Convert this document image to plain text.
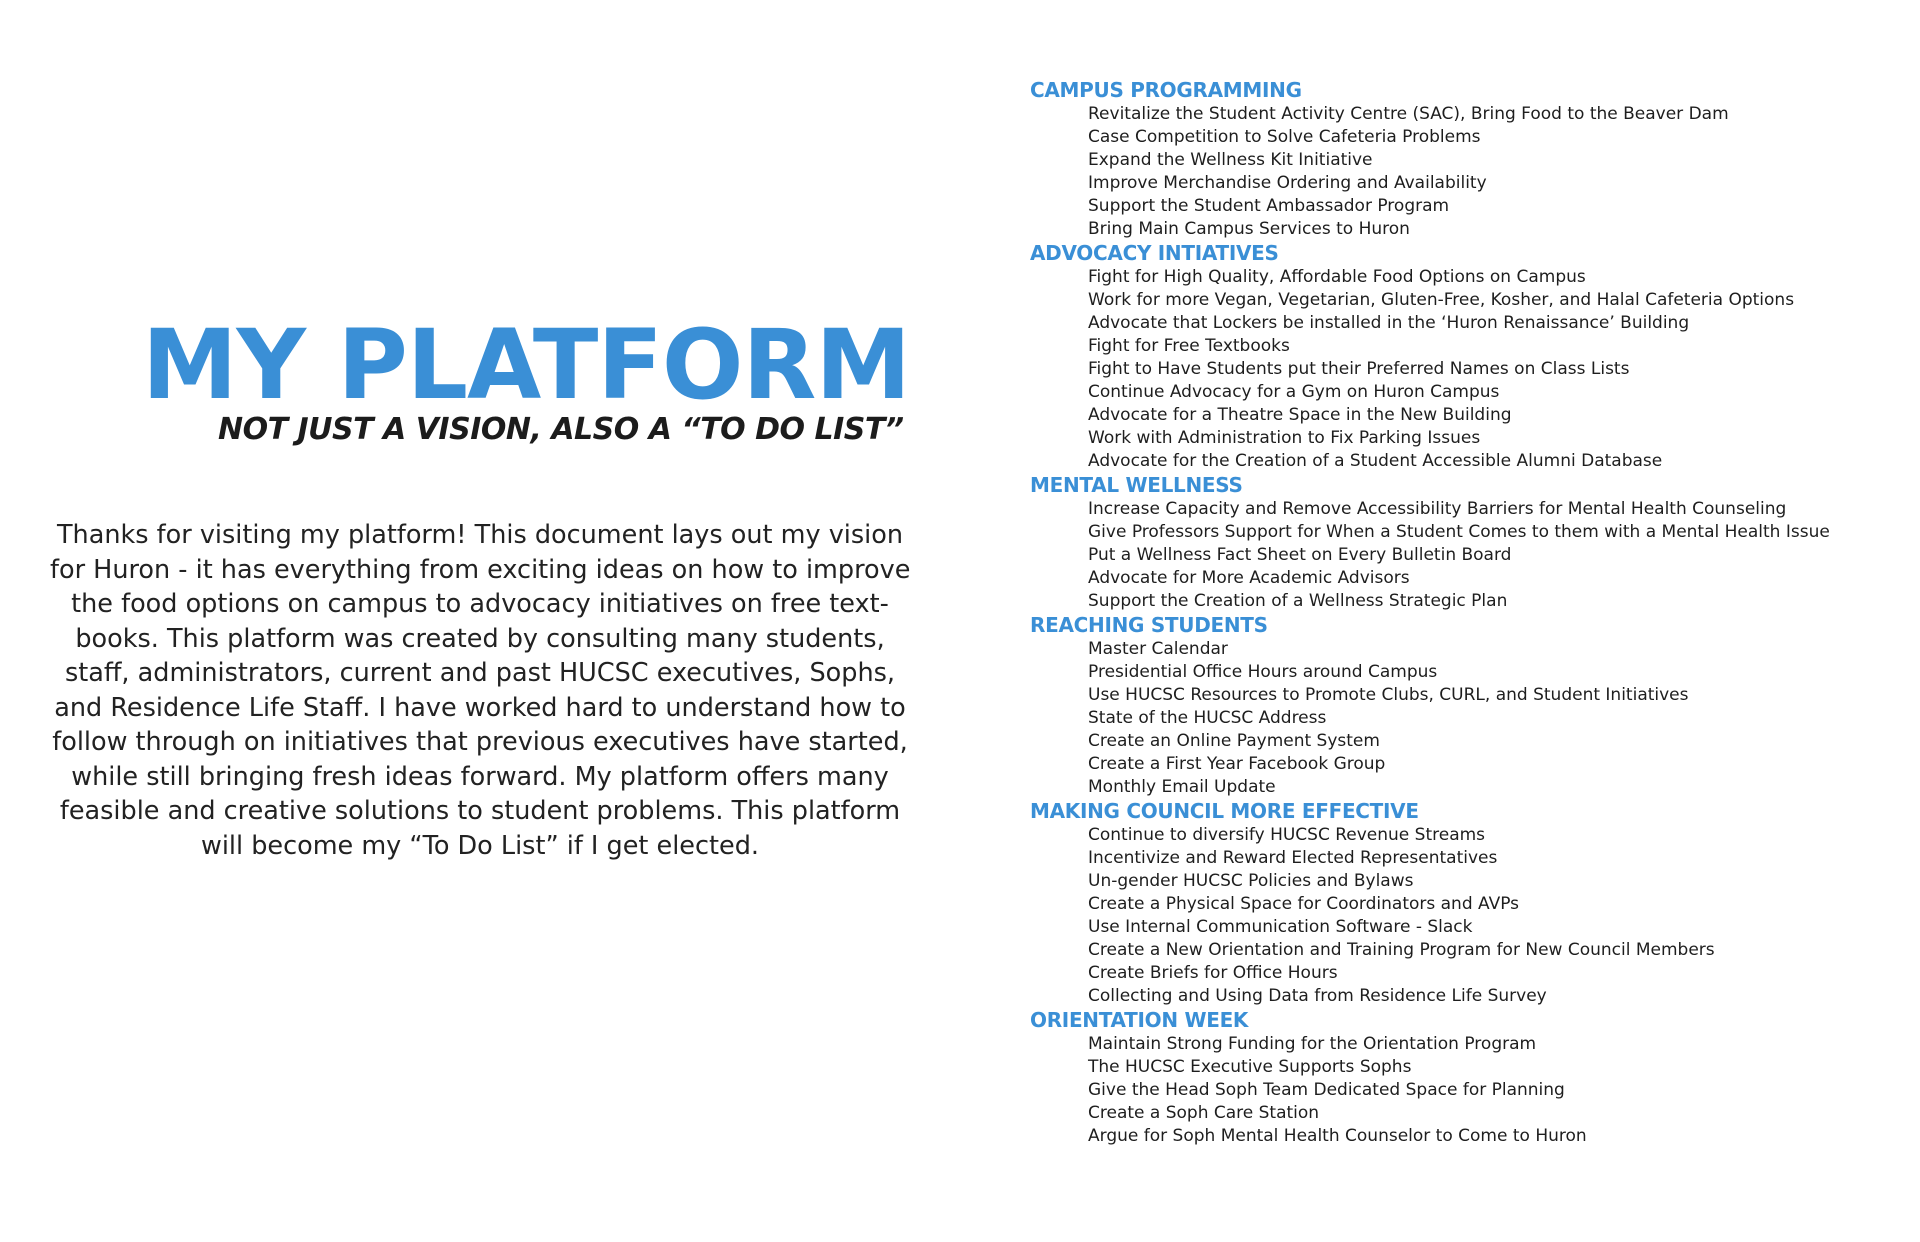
MY PLATFORM
NOT JUST A VISION, ALSO A “TO DO LIST”
Thanks for visiting my platform! This document lays out my vision
for Huron - it has everything from exciting ideas on how to improve
the food options on campus to advocacy initiatives on free text-
books. This platform was created by consulting many students,
staff, administrators, current and past HUCSC executives, Sophs,
and Residence Life Staff. I have worked hard to understand how to
follow through on initiatives that previous executives have started,
while still bringing fresh ideas forward. My platform offers many
feasible and creative solutions to student problems. This platform
will become my “To Do List” if I get elected.
CAMPUS PROGRAMMING
Revitalize the Student Activity Centre (SAC), Bring Food to the Beaver Dam
Case Competition to Solve Cafeteria Problems
Expand the Wellness Kit Initiative
Improve Merchandise Ordering and Availability
Support the Student Ambassador Program
Bring Main Campus Services to Huron
ADVOCACY INTIATIVES
Fight for High Quality, Affordable Food Options on Campus
Work for more Vegan, Vegetarian, Gluten-Free, Kosher, and Halal Cafeteria Options
Advocate that Lockers be installed in the ‘Huron Renaissance’ Building
Fight for Free Textbooks
Fight to Have Students put their Preferred Names on Class Lists
Continue Advocacy for a Gym on Huron Campus
Advocate for a Theatre Space in the New Building
Work with Administration to Fix Parking Issues
Advocate for the Creation of a Student Accessible Alumni Database
MENTAL WELLNESS
Increase Capacity and Remove Accessibility Barriers for Mental Health Counseling
Give Professors Support for When a Student Comes to them with a Mental Health Issue
Put a Wellness Fact Sheet on Every Bulletin Board
Advocate for More Academic Advisors
Support the Creation of a Wellness Strategic Plan
REACHING STUDENTS
Master Calendar
Presidential Office Hours around Campus
Use HUCSC Resources to Promote Clubs, CURL, and Student Initiatives
State of the HUCSC Address
Create an Online Payment System
Create a First Year Facebook Group
Monthly Email Update
MAKING COUNCIL MORE EFFECTIVE
Continue to diversify HUCSC Revenue Streams
Incentivize and Reward Elected Representatives
Un-gender HUCSC Policies and Bylaws
Create a Physical Space for Coordinators and AVPs
Use Internal Communication Software - Slack
Create a New Orientation and Training Program for New Council Members
Create Briefs for Office Hours
Collecting and Using Data from Residence Life Survey
ORIENTATION WEEK
Maintain Strong Funding for the Orientation Program
The HUCSC Executive Supports Sophs
Give the Head Soph Team Dedicated Space for Planning
Create a Soph Care Station
Argue for Soph Mental Health Counselor to Come to Huron
